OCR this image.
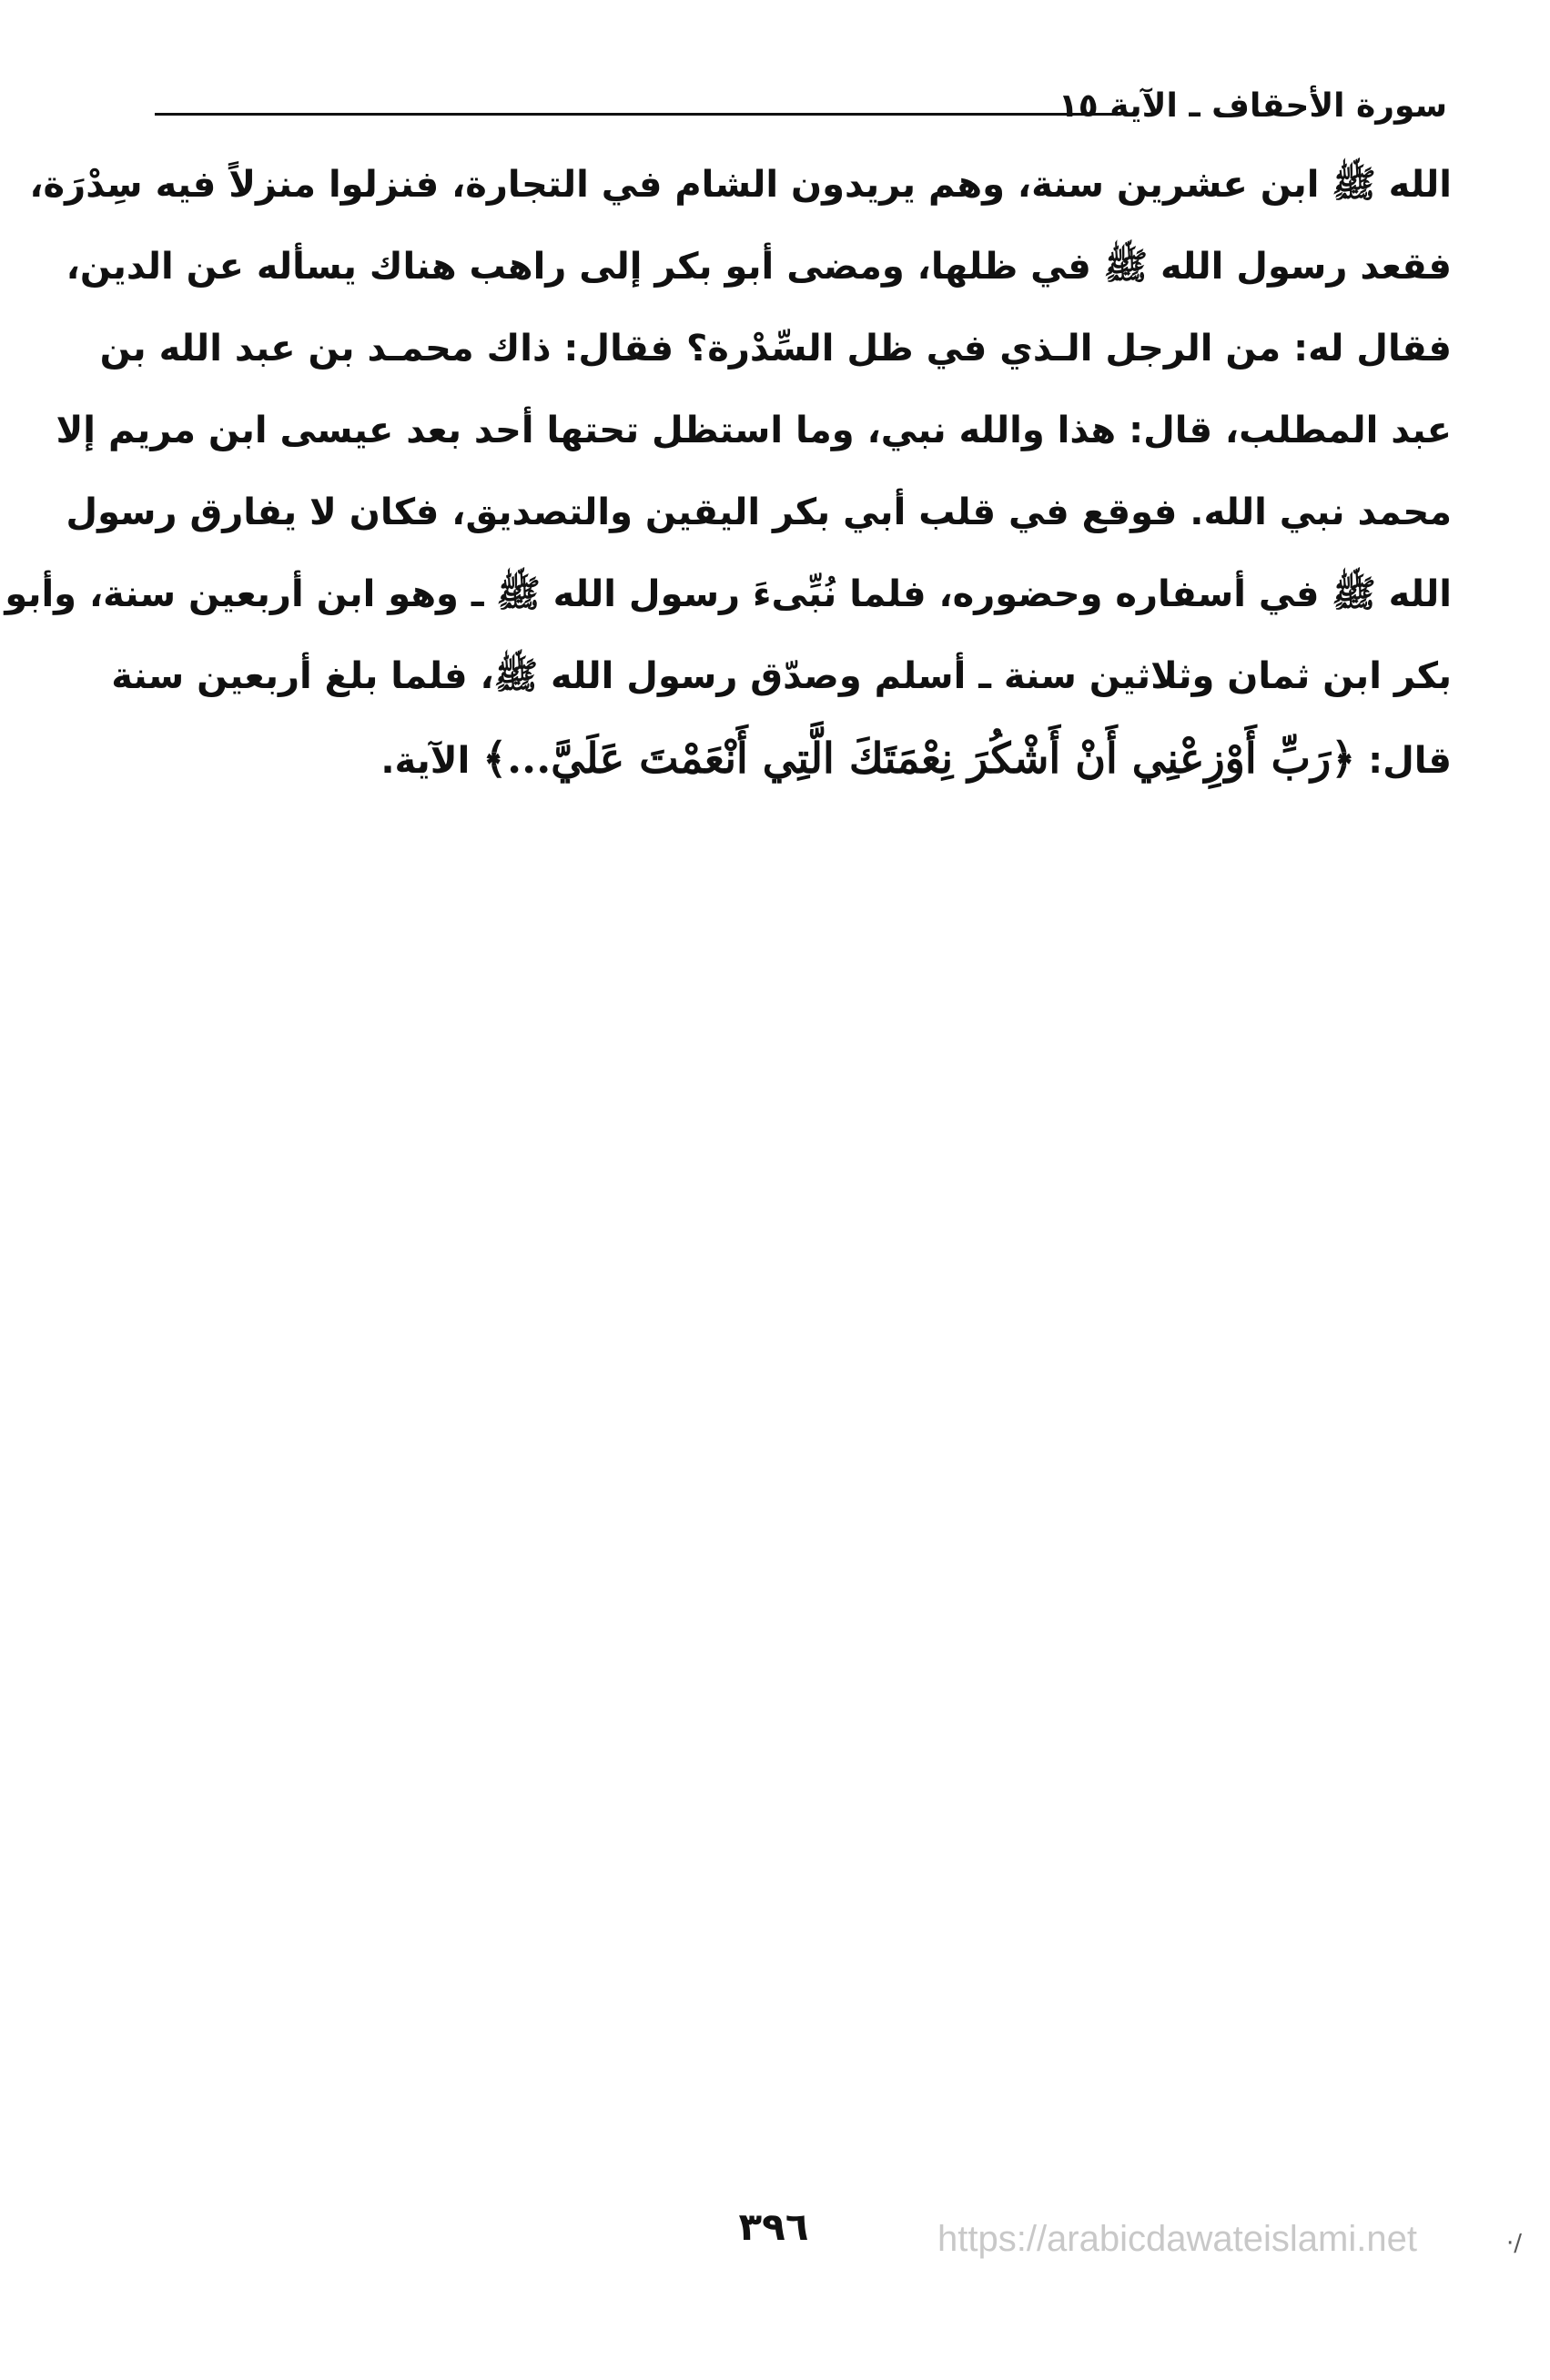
سورة الأحقاف ـ الآية ١٥
الله ﷺ ابن عشرين سنة، وهم يريدون الشام في التجارة، فنزلوا منزلاً فيه سِدْرَة،
فقعد رسول الله ﷺ في ظلها، ومضى أبو بكر إلى راهب هناك يسأله عن الدين،
فقال له: من الرجل الـذي في ظل السِّدْرة؟ فقال: ذاك محمـد بن عبد الله بن
عبد المطلب، قال: هذا والله نبي، وما استظل تحتها أحد بعد عيسى ابن مريم إلا
محمد نبي الله. فوقع في قلب أبي بكر اليقين والتصديق، فكان لا يفارق رسول
الله ﷺ في أسفاره وحضوره، فلما نُبِّىءَ رسول الله ﷺ ـ وهو ابن أربعين سنة، وأبو
بكر ابن ثمان وثلاثين سنة ـ أسلم وصدّق رسول الله ﷺ، فلما بلغ أربعين سنة
قال: ﴿رَبِّ أَوْزِعْنِي أَنْ أَشْكُرَ نِعْمَتَكَ الَّتِي أَنْعَمْتَ عَلَيَّ...﴾ الآية.
٣٩٦	https://arabicdawateislami.net	·/
